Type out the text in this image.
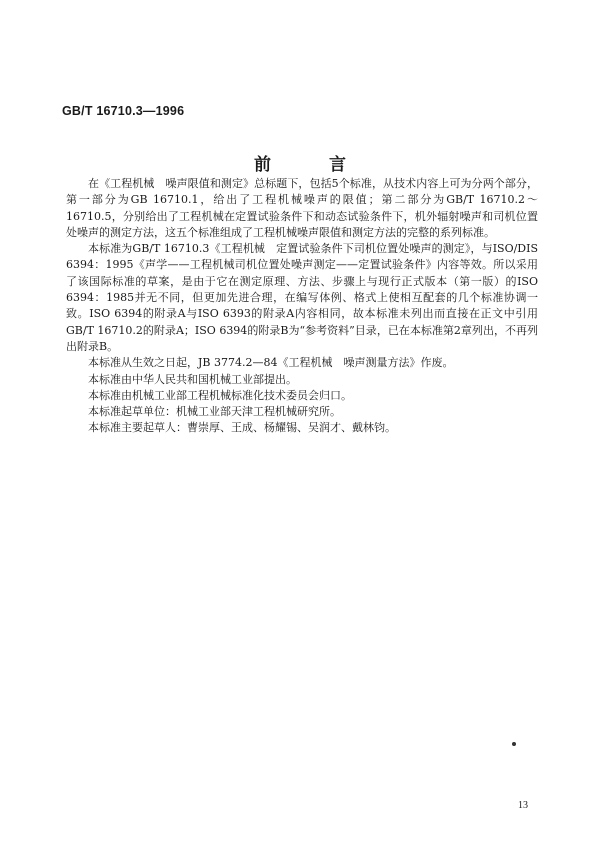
GB/T 16710.3—1996
前 言

在《工程机械　噪声限值和测定》总标题下，包括5个标准，从技术内容上可为分两个部分，第一部分为GB 16710.1，给出了工程机械噪声的限值；第二部分为GB/T 16710.2～16710.5，分别给出了工程机械在定置试验条件下和动态试验条件下，机外辐射噪声和司机位置处噪声的测定方法，这五个标准组成了工程机械噪声限值和测定方法的完整的系列标准。

本标准为GB/T 16710.3《工程机械　定置试验条件下司机位置处噪声的测定》，与ISO/DIS 6394：1995《声学——工程机械司机位置处噪声测定——定置试验条件》内容等效。所以采用了该国际标准的草案，是由于它在测定原理、方法、步骤上与现行正式版本（第一版）的ISO 6394：1985并无不同，但更加先进合理，在编写体例、格式上使相互配套的几个标准协调一致。ISO 6394的附录A与ISO 6393的附录A内容相同，故本标准未列出而直接在正文中引用GB/T 16710.2的附录A；ISO 6394的附录B为“参考资料”目录，已在本标准第2章列出，不再列出附录B。

本标准从生效之日起，JB 3774.2—84《工程机械　噪声测量方法》作废。

本标准由中华人民共和国机械工业部提出。

本标准由机械工业部工程机械标准化技术委员会归口。

本标准起草单位：机械工业部天津工程机械研究所。

本标准主要起草人：曹崇厚、王成、杨耀锡、吴润才、戴林钧。

13
